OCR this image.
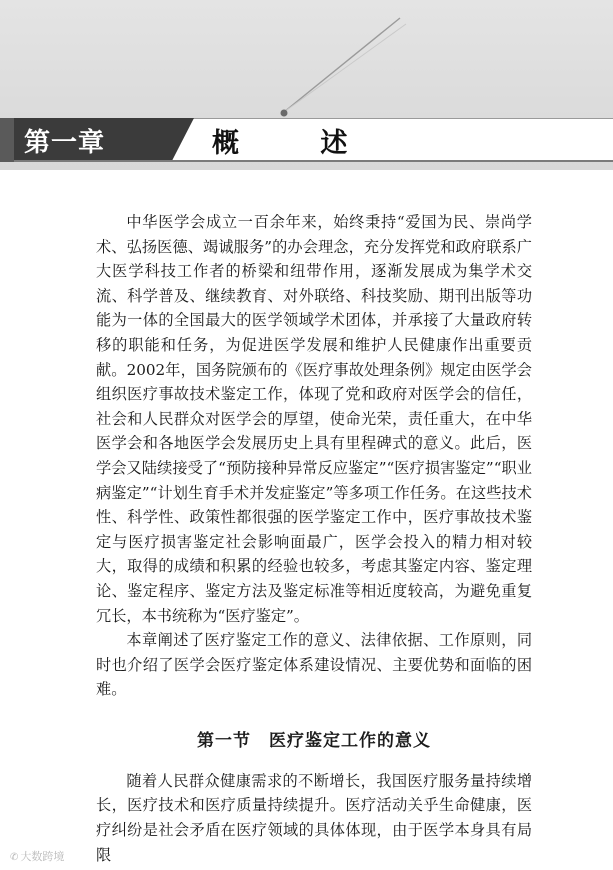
第一章	概 述

中华医学会成立一百余年来，始终秉持“爱国为民、崇尚学术、弘扬医德、竭诚服务”的办会理念，充分发挥党和政府联系广大医学科技工作者的桥梁和纽带作用，逐渐发展成为集学术交流、科学普及、继续教育、对外联络、科技奖励、期刊出版等功能为一体的全国最大的医学领域学术团体，并承接了大量政府转移的职能和任务，为促进医学发展和维护人民健康作出重要贡献。2002年，国务院颁布的《医疗事故处理条例》规定由医学会组织医疗事故技术鉴定工作，体现了党和政府对医学会的信任，社会和人民群众对医学会的厚望，使命光荣，责任重大，在中华医学会和各地医学会发展历史上具有里程碑式的意义。此后，医学会又陆续接受了“预防接种异常反应鉴定”“医疗损害鉴定”“职业病鉴定”“计划生育手术并发症鉴定”等多项工作任务。在这些技术性、科学性、政策性都很强的医学鉴定工作中，医疗事故技术鉴定与医疗损害鉴定社会影响面最广，医学会投入的精力相对较大，取得的成绩和积累的经验也较多，考虑其鉴定内容、鉴定理论、鉴定程序、鉴定方法及鉴定标准等相近度较高，为避免重复冗长，本书统称为“医疗鉴定”。

本章阐述了医疗鉴定工作的意义、法律依据、工作原则，同时也介绍了医学会医疗鉴定体系建设情况、主要优势和面临的困难。

第一节　医疗鉴定工作的意义

随着人民群众健康需求的不断增长，我国医疗服务量持续增长，医疗技术和医疗质量持续提升。医疗活动关乎生命健康，医疗纠纷是社会矛盾在医疗领域的具体体现，由于医学本身具有局限

✆ 大数跨境
